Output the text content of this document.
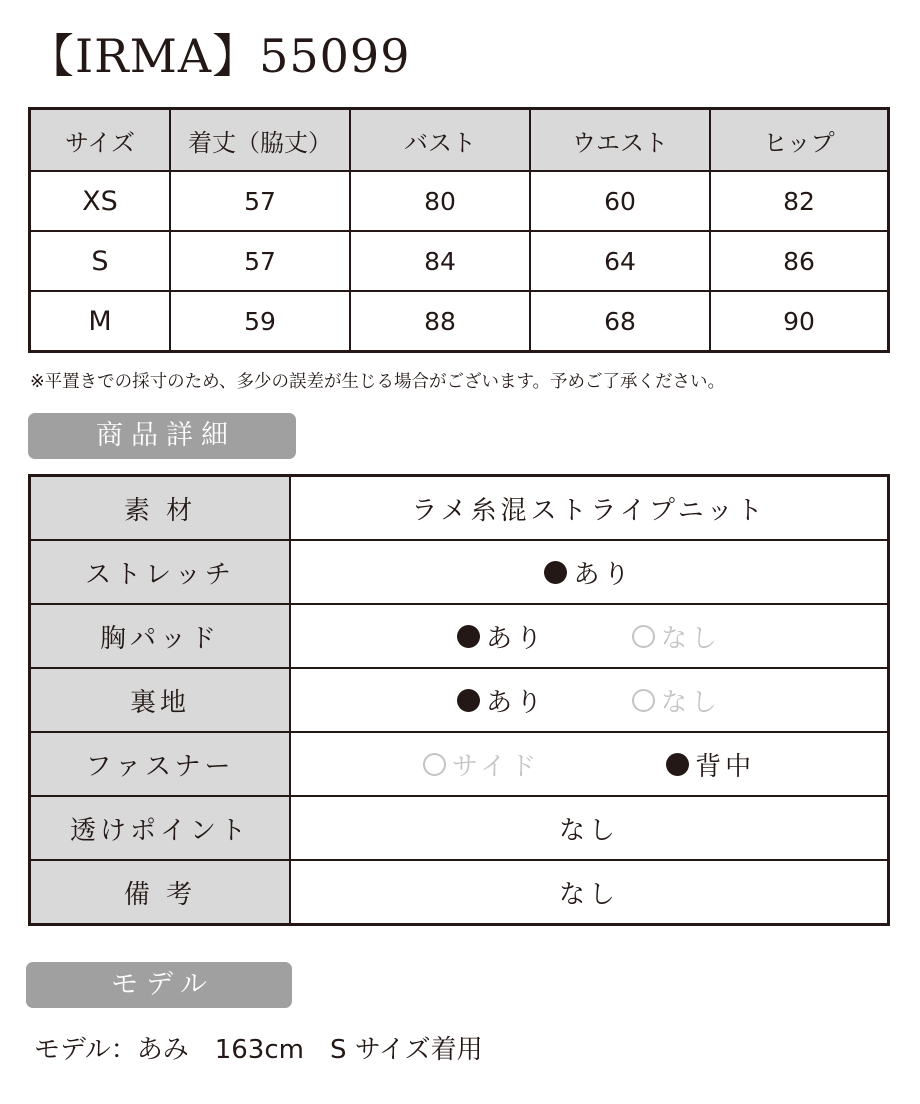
【IRMA】55099
サイズ	着丈（脇丈）	バスト	ウエスト	ヒップ
XS	57	80	60	82
S	57	84	64	86
M	59	88	68	90
※平置きでの採寸のため、多少の誤差が生じる場合がございます。予めご了承ください。
商品詳細
素 材	ラメ糸混ストライプニット
ストレッチ	あり

胸パッド	あり なし

裏地	あり なし

ファスナー	サイド 背中

透けポイント	なし
備 考	なし
モデル
モデル：あみ　163cm　S サイズ着用
